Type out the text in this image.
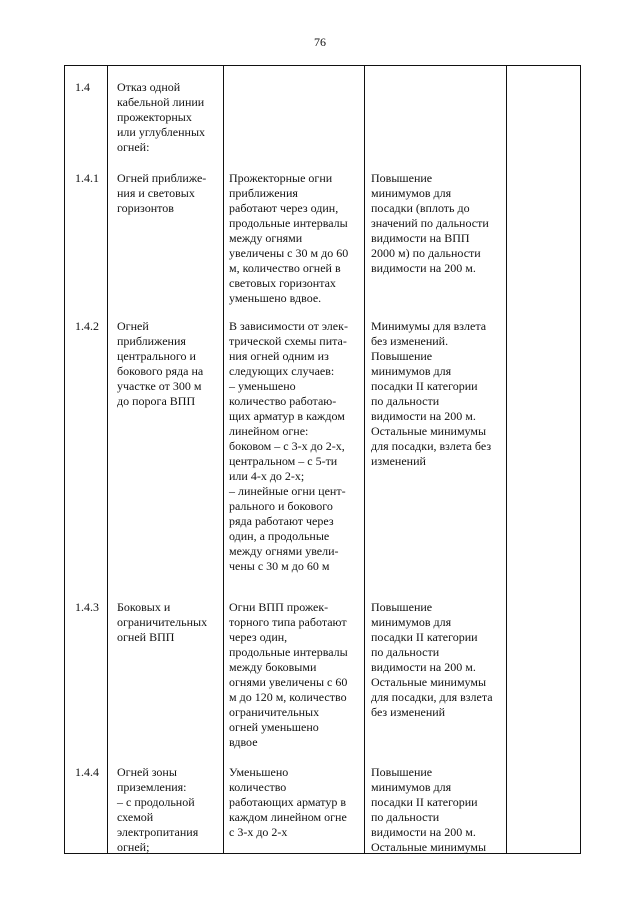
76

1.4	Отказ одной
кабельной линии
прожекторных
или углубленных
огней:

1.4.1	Огней приближе-
ния и световых
горизонтов

Прожекторные огни
приближения
работают через один,
продольные интервалы
между огнями
увеличены с 30 м до 60
м, количество огней в
световых горизонтах
уменьшено вдвое.

Повышение
минимумов для
посадки (вплоть до
значений по дальности
видимости на ВПП
2000 м) по дальности
видимости на 200 м.

1.4.2	Огней
приближения
центрального и
бокового ряда на
участке от 300 м
до порога ВПП

В зависимости от элек-
трической схемы пита-
ния огней одним из
следующих случаев:
– уменьшено
количество работаю-
щих арматур в каждом
линейном огне:
боковом – с 3-х до 2-х,
центральном – с 5-ти
или 4-х до 2-х;
– линейные огни цент-
рального и бокового
ряда работают через
один, а продольные
между огнями увели-
чены с 30 м до 60 м

Минимумы для взлета
без изменений.
Повышение
минимумов для
посадки II категории
по дальности
видимости на 200 м.
Остальные минимумы
для посадки, взлета без
изменений

1.4.3	Боковых и
ограничительных
огней ВПП

Огни ВПП прожек-
торного типа работают
через один,
продольные интервалы
между боковыми
огнями увеличены с 60
м до 120 м, количество
ограничительных
огней уменьшено
вдвое

Повышение
минимумов для
посадки II категории
по дальности
видимости на 200 м.
Остальные минимумы
для посадки, для взлета
без изменений

1.4.4	Огней зоны
приземления:
– с продольной
схемой
электропитания
огней;

Уменьшено
количество
работающих арматур в
каждом линейном огне
с 3-х до 2-х

Повышение
минимумов для
посадки II категории
по дальности
видимости на 200 м.
Остальные минимумы
